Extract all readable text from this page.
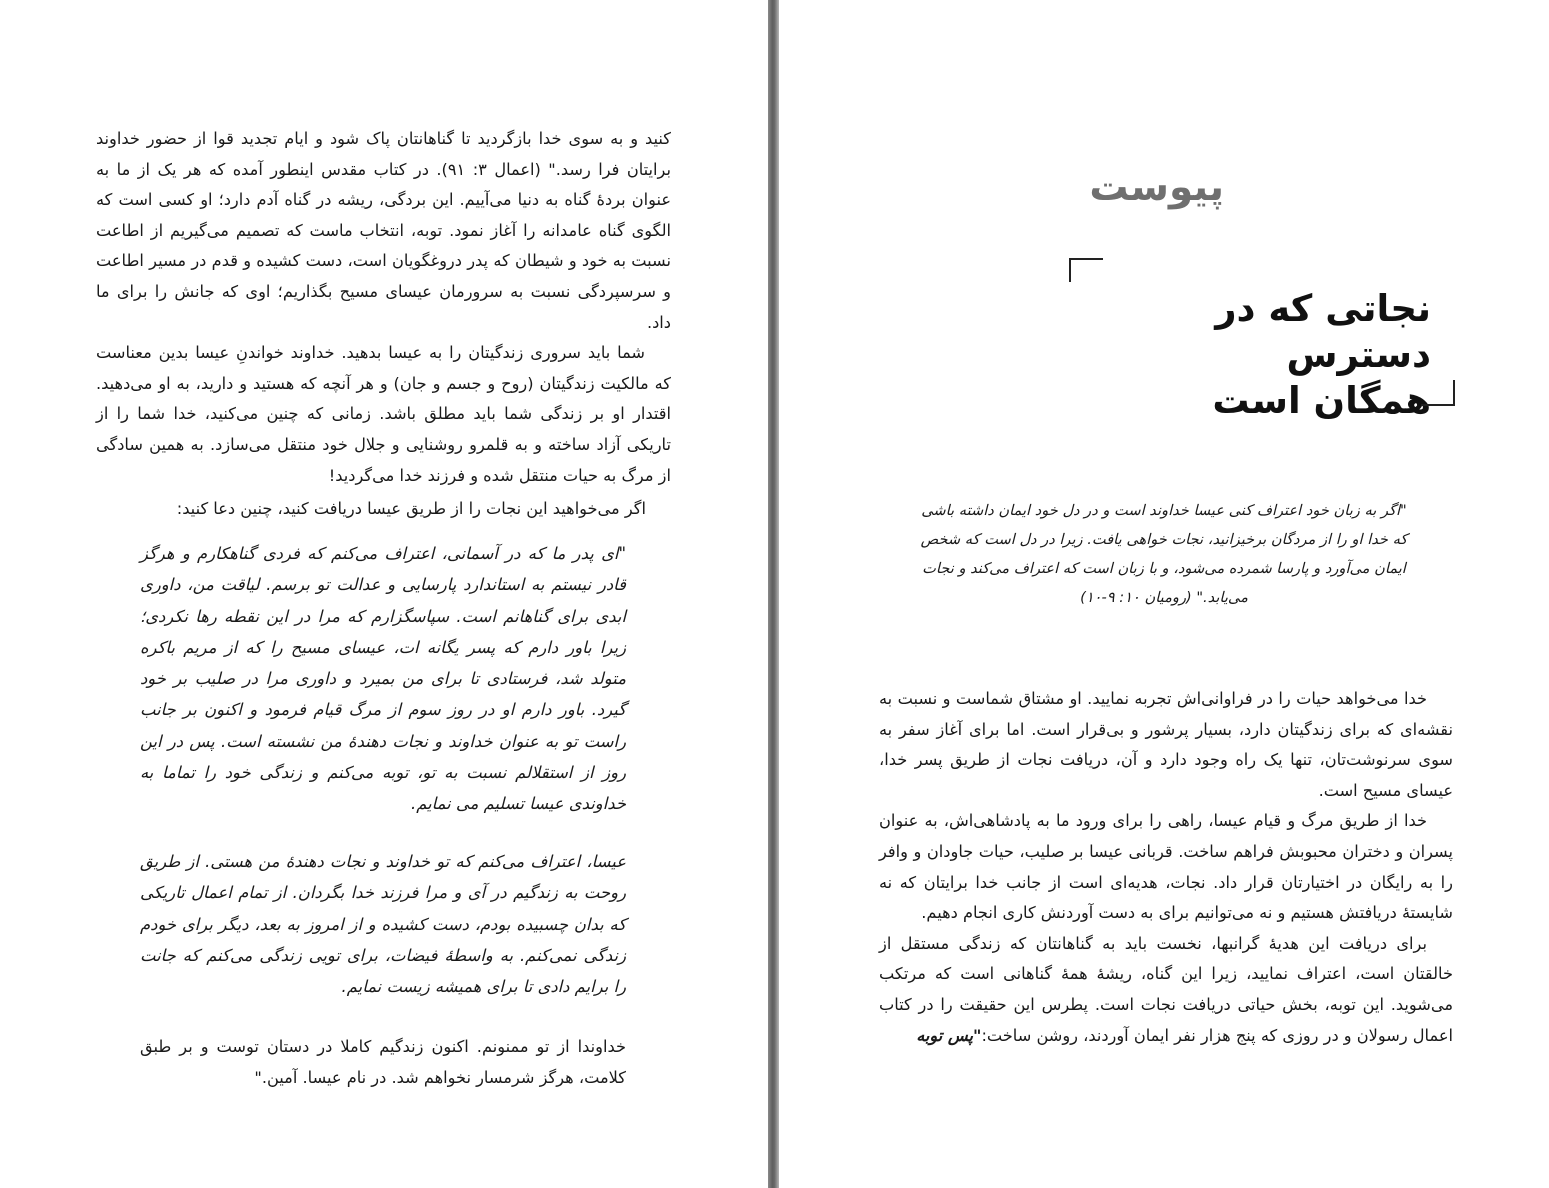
کنید و به سوی خدا بازگردید تا گناهانتان پاک شود و ایام تجدید قوا از حضور خداوند برایتان فرا رسد." (اعمال ۳: ۹۱). در کتاب مقدس اینطور آمده که هر یک از ما به عنوان بردهٔ گناه به دنیا می‌آییم. این بردگی، ریشه در گناه آدم دارد؛ او کسی است که الگوی گناه عامدانه را آغاز نمود. توبه، انتخاب ماست که تصمیم می‌گیریم از اطاعت نسبت به خود و شیطان که پدر دروغگویان است، دست کشیده و قدم در مسیر اطاعت و سرسپردگی نسبت به سرورمان عیسای مسیح بگذاریم؛ اوی که جانش را برای ما داد.

شما باید سروری زندگیتان را به عیسا بدهید. خداوند خواندنِ عیسا بدین معناست که مالکیت زندگیتان (روح و جسم و جان) و هر آنچه که هستید و دارید، به او می‌دهید. اقتدار او بر زندگی شما باید مطلق باشد. زمانی که چنین می‌کنید، خدا شما را از تاریکی آزاد ساخته و به قلمرو روشنایی و جلال خود منتقل می‌سازد. به همین سادگی از مرگ به حیات منتقل شده و فرزند خدا می‌گردید!

اگر می‌خواهید این نجات را از طریق عیسا دریافت کنید، چنین دعا کنید:
"ای پدر ما که در آسمانی، اعتراف می‌کنم که فردی گناهکارم و هرگز قادر نیستم به استاندارد پارسایی و عدالت تو برسم. لیاقت من، داوری ابدی برای گناهانم است. سپاسگزارم که مرا در این نقطه رها نکردی؛ زیرا باور دارم که پسر یگانه ات، عیسای مسیح را که از مریم باکره متولد شد، فرستادی تا برای من بمیرد و داوری مرا در صلیب بر خود گیرد. باور دارم او در روز سوم از مرگ قیام فرمود و اکنون بر جانب راست تو به عنوان خداوند و نجات دهندهٔ من نشسته است. پس در این روز از استقلالم نسبت به تو، توبه می‌کنم و زندگی خود را تماما به خداوندی عیسا تسلیم می نمایم.
عیسا، اعتراف می‌کنم که تو خداوند و نجات دهندهٔ من هستی. از طریق روحت به زندگیم در آی و مرا فرزند خدا بگردان. از تمام اعمال تاریکی که بدان چسبیده بودم، دست کشیده و از امروز به بعد، دیگر برای خودم زندگی نمی‌کنم. به واسطهٔ فیضات، برای تویی زندگی می‌کنم که جانت را برایم دادی تا برای همیشه زیست نمایم.
خداوندا از تو ممنونم. اکنون زندگیم کاملا در دستان توست و بر طبق کلامت، هرگز شرمسار نخواهم شد. در نام عیسا. آمین."
پیوست
نجاتی که در دسترس
همگان است
"اگر به زبان خود اعتراف کنی عیسا خداوند است و در دل خود ایمان داشته باشی که خدا او را از مردگان برخیزانید، نجات خواهی یافت. زیرا در دل است که شخص ایمان می‌آورد و پارسا شمرده می‌شود، و با زبان است که اعتراف می‌کند و نجات می‌یابد." (رومیان ۱۰: ۹-۱۰)

خدا می‌خواهد حیات را در فراوانی‌اش تجربه نمایید. او مشتاق شماست و نسبت به نقشه‌ای که برای زندگیتان دارد، بسیار پرشور و بی‌قرار است. اما برای آغاز سفر به سوی سرنوشت‌تان، تنها یک راه وجود دارد و آن، دریافت نجات از طریق پسر خدا، عیسای مسیح است.

خدا از طریق مرگ و قیام عیسا، راهی را برای ورود ما به پادشاهی‌اش، به عنوان پسران و دختران محبوبش فراهم ساخت. قربانی عیسا بر صلیب، حیات جاودان و وافر را به رایگان در اختیارتان قرار داد. نجات، هدیه‌ای است از جانب خدا برایتان که نه شایستهٔ دریافتش هستیم و نه می‌توانیم برای به دست آوردنش کاری انجام دهیم.

برای دریافت این هدیهٔ گرانبها، نخست باید به گناهانتان که زندگی مستقل از خالقتان است، اعتراف نمایید، زیرا این گناه، ریشهٔ همهٔ گناهانی است که مرتکب می‌شوید. این توبه، بخش حیاتی دریافت نجات است. پطرس این حقیقت را در کتاب اعمال رسولان و در روزی که پنج هزار نفر ایمان آوردند، روشن ساخت:"پس توبه
